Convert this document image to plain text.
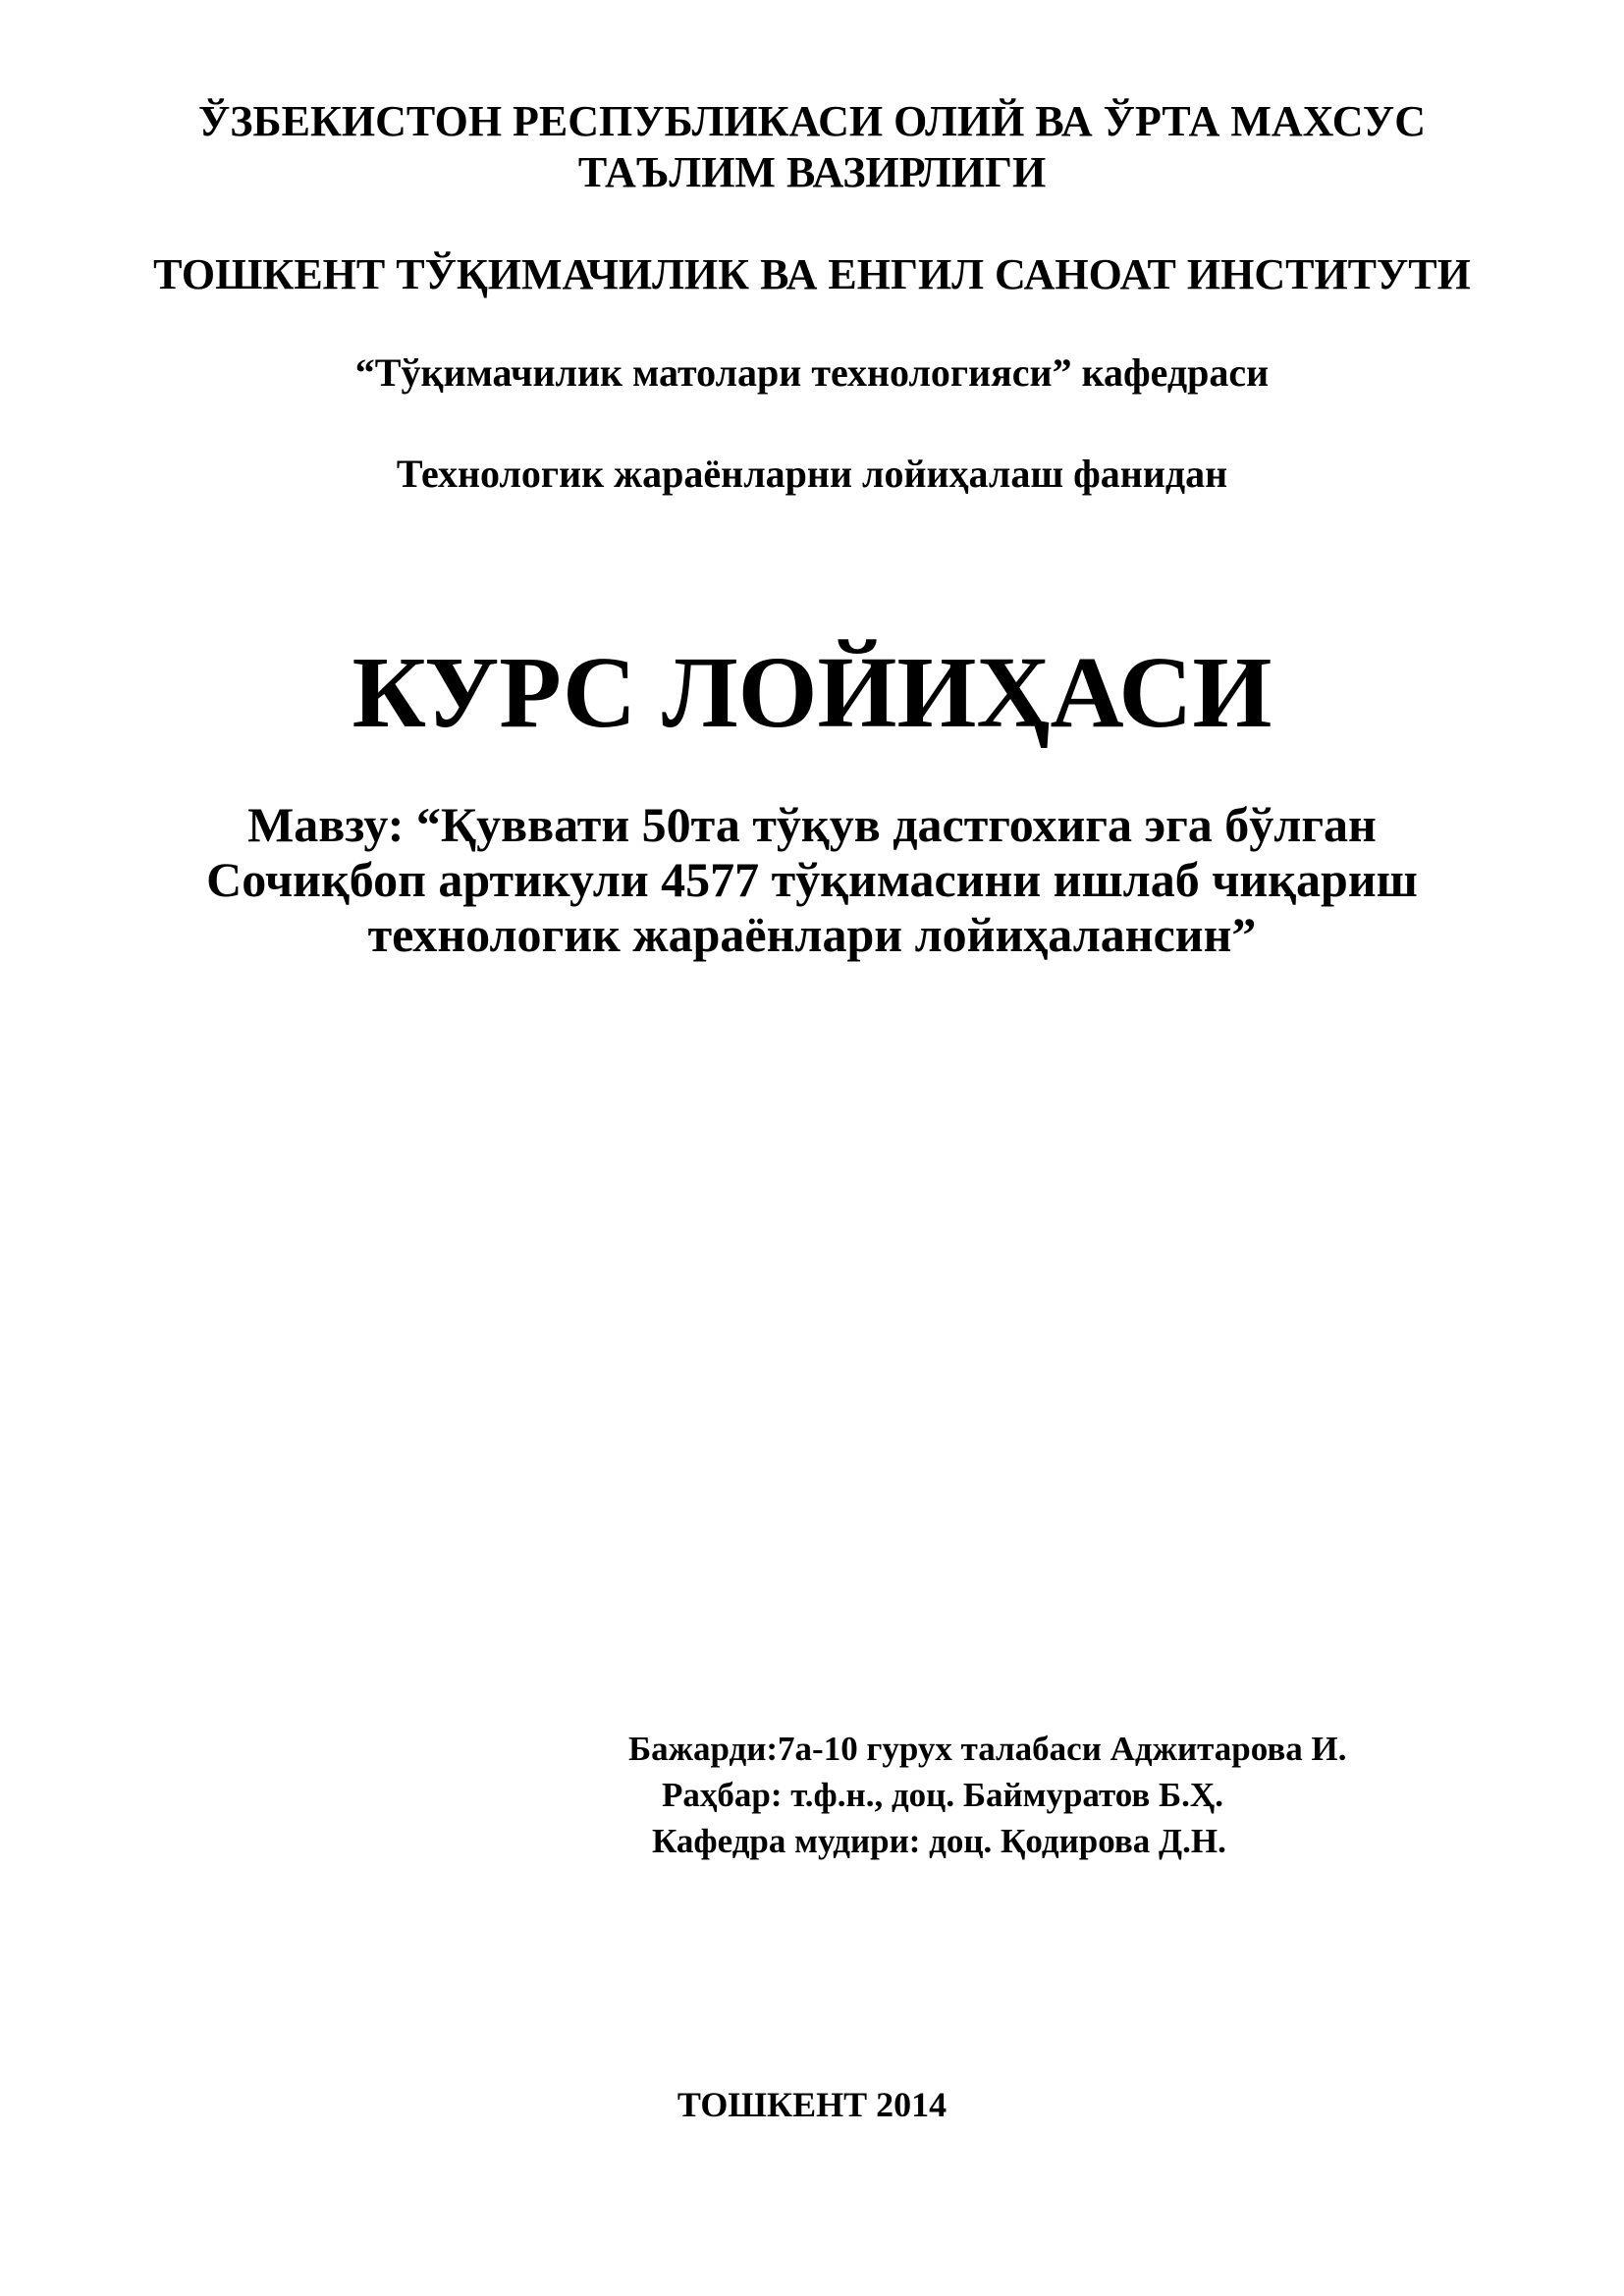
ЎЗБЕКИСТОН РЕСПУБЛИКАСИ ОЛИЙ ВА ЎРТА МАХСУС
ТАЪЛИМ ВАЗИРЛИГИ
ТОШКЕНТ ТЎҚИМАЧИЛИК ВА ЕНГИЛ САНОАТ ИНСТИТУТИ
“Тўқимачилик матолари технологияси” кафедраси
Технологик жараёнларни лойиҳалаш фанидан
КУРС ЛОЙИҲАСИ
Мавзу: “Қуввати 50та тўқув дастгохига эга бўлган
Сочиқбоп артикули 4577 тўқимасини ишлаб чиқариш
технологик жараёнлари лойиҳалансин”
Бажарди:7а-10 гурух талабаси Аджитарова И.
Раҳбар: т.ф.н., доц. Баймуратов Б.Ҳ.
Кафедра мудири: доц. Қодирова Д.Н.
ТОШКЕНТ 2014
